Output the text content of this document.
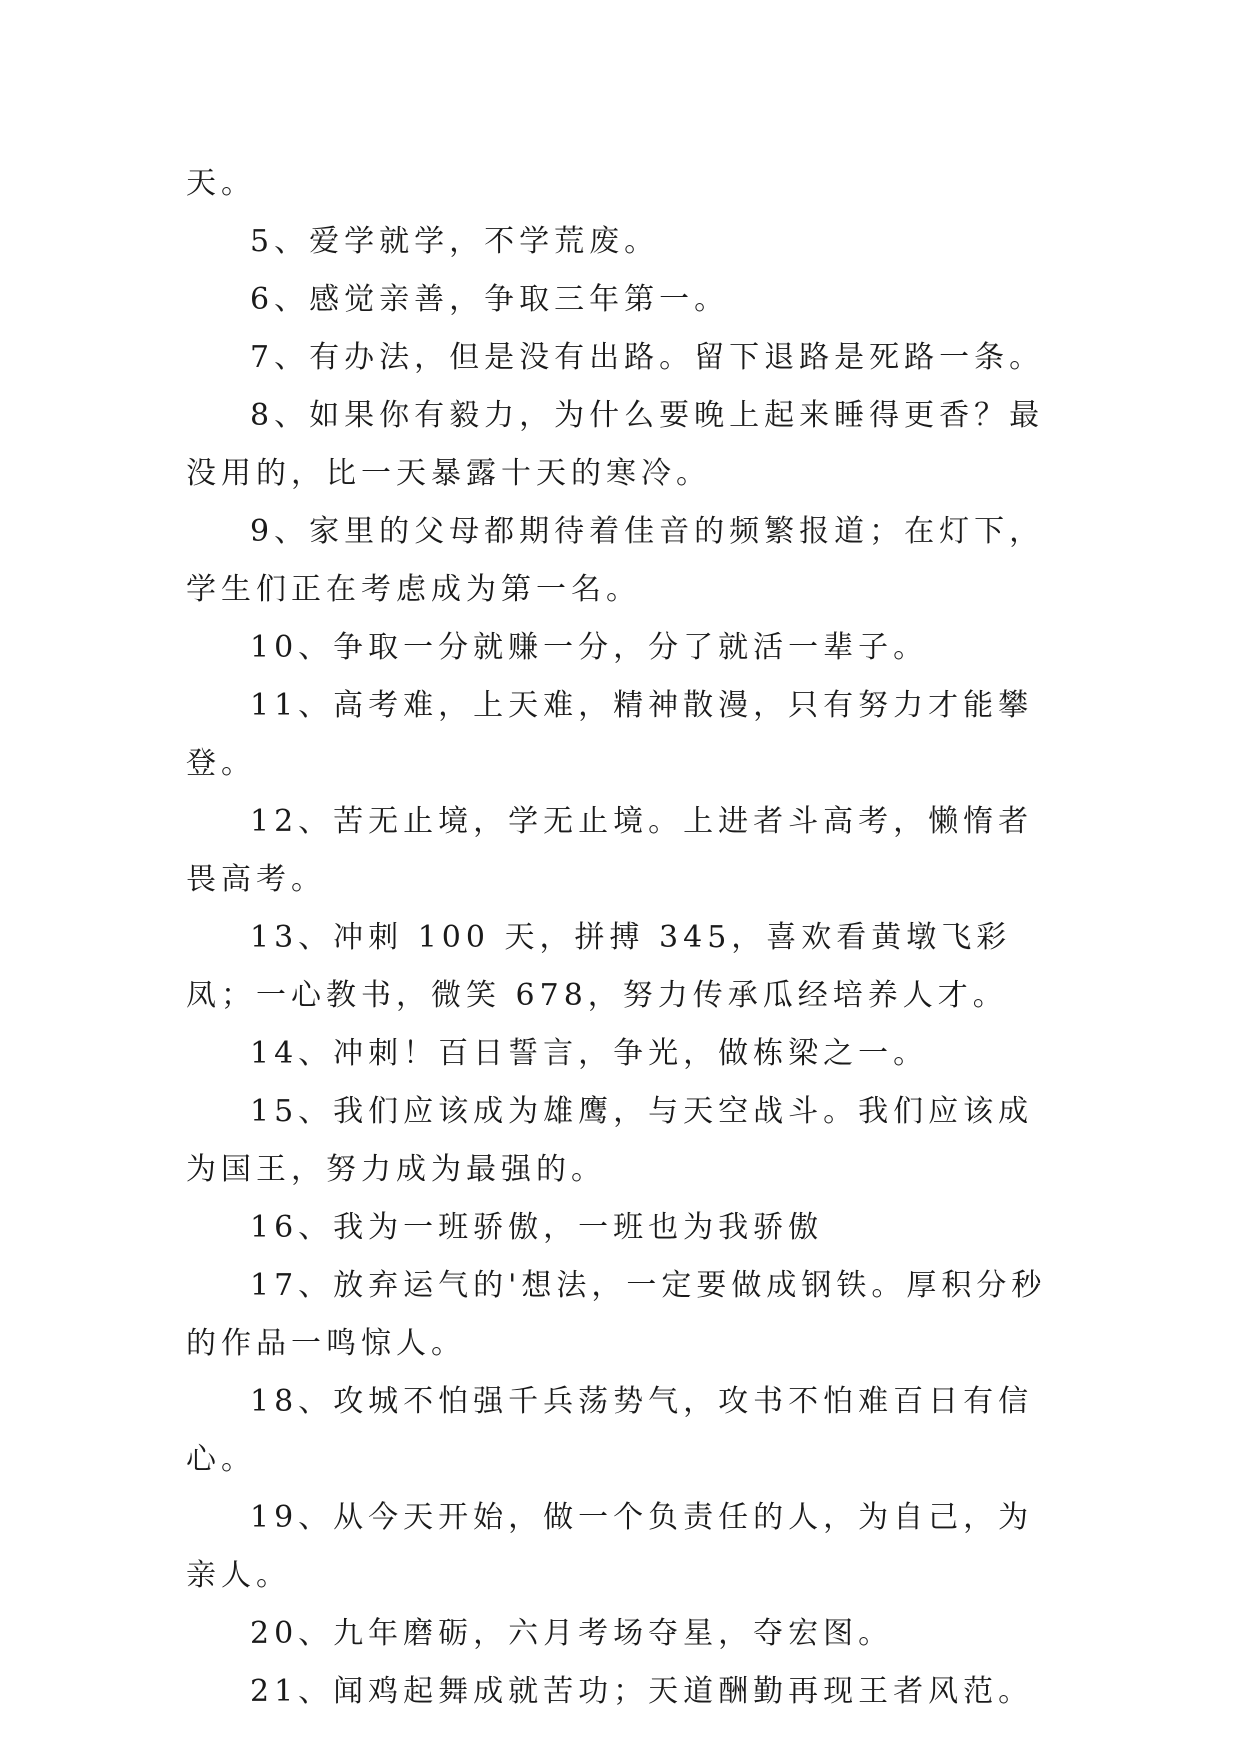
天。

5、爱学就学，不学荒废。

6、感觉亲善，争取三年第一。

7、有办法，但是没有出路。留下退路是死路一条。

8、如果你有毅力，为什么要晚上起来睡得更香？最没用的，比一天暴露十天的寒冷。

9、家里的父母都期待着佳音的频繁报道；在灯下，学生们正在考虑成为第一名。

10、争取一分就赚一分，分了就活一辈子。

11、高考难，上天难，精神散漫，只有努力才能攀登。

12、苦无止境，学无止境。上进者斗高考，懒惰者畏高考。

13、冲刺 100 天，拼搏 345，喜欢看黄墩飞彩凤；一心教书，微笑 678，努力传承瓜经培养人才。

14、冲刺！百日誓言，争光，做栋梁之一。

15、我们应该成为雄鹰，与天空战斗。我们应该成为国王，努力成为最强的。

16、我为一班骄傲，一班也为我骄傲

17、放弃运气的'想法，一定要做成钢铁。厚积分秒的作品一鸣惊人。

18、攻城不怕强千兵荡势气，攻书不怕难百日有信心。

19、从今天开始，做一个负责任的人，为自己，为亲人。

20、九年磨砺，六月考场夺星，夺宏图。

21、闻鸡起舞成就苦功；天道酬勤再现王者风范。
